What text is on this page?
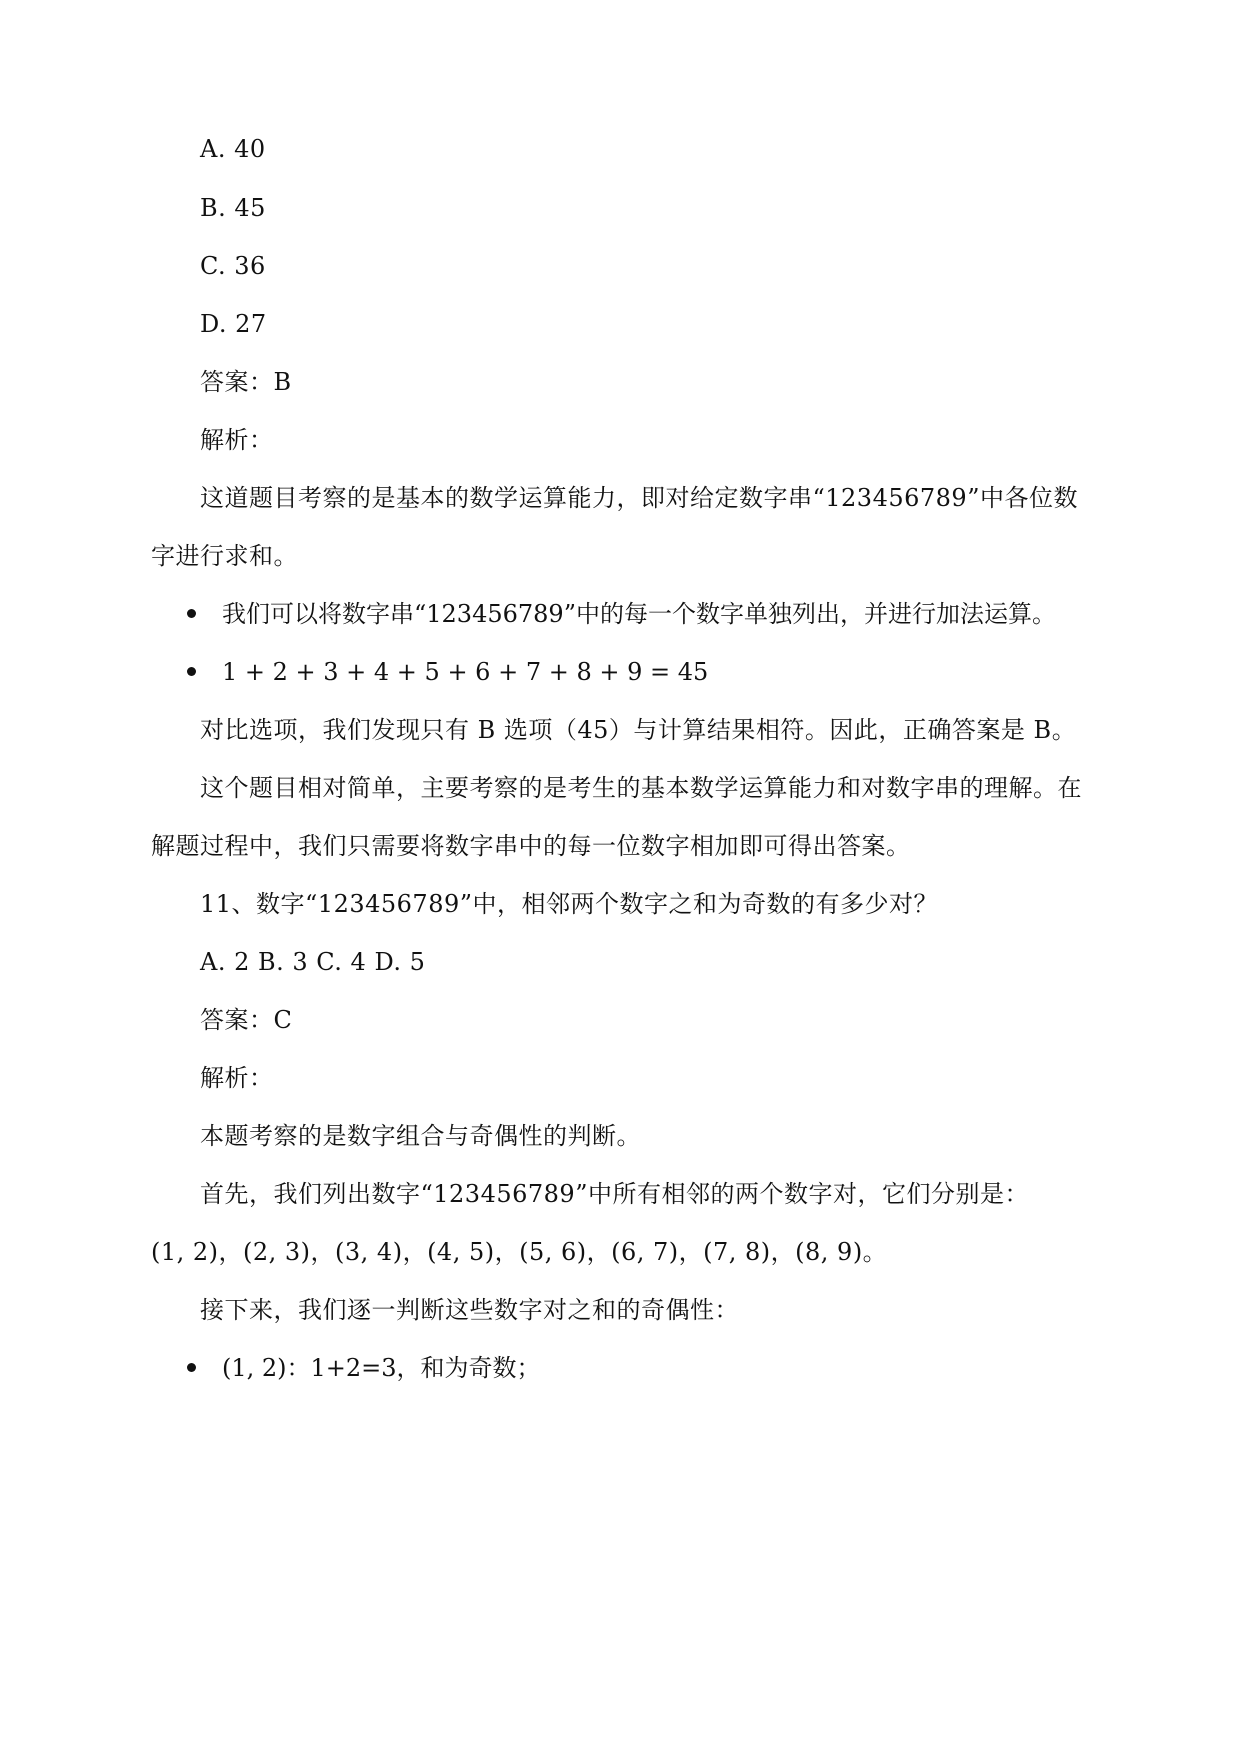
A. 40
B. 45
C. 36
D. 27
答案：B
解析：
这道题目考察的是基本的数学运算能力，即对给定数字串“123456789”中各位数
字进行求和。
我们可以将数字串“123456789”中的每一个数字单独列出，并进行加法运算。
1 + 2 + 3 + 4 + 5 + 6 + 7 + 8 + 9 = 45
对比选项，我们发现只有 B 选项（45）与计算结果相符。因此，正确答案是 B。
这个题目相对简单，主要考察的是考生的基本数学运算能力和对数字串的理解。在
解题过程中，我们只需要将数字串中的每一位数字相加即可得出答案。
11、数字“123456789”中，相邻两个数字之和为奇数的有多少对？
A. 2 B. 3 C. 4 D. 5
答案：C
解析：
本题考察的是数字组合与奇偶性的判断。
首先，我们列出数字“123456789”中所有相邻的两个数字对，它们分别是：
(1, 2)，(2, 3)，(3, 4)，(4, 5)，(5, 6)，(6, 7)，(7, 8)，(8, 9)。
接下来，我们逐一判断这些数字对之和的奇偶性：
(1, 2)：1+2=3，和为奇数；
